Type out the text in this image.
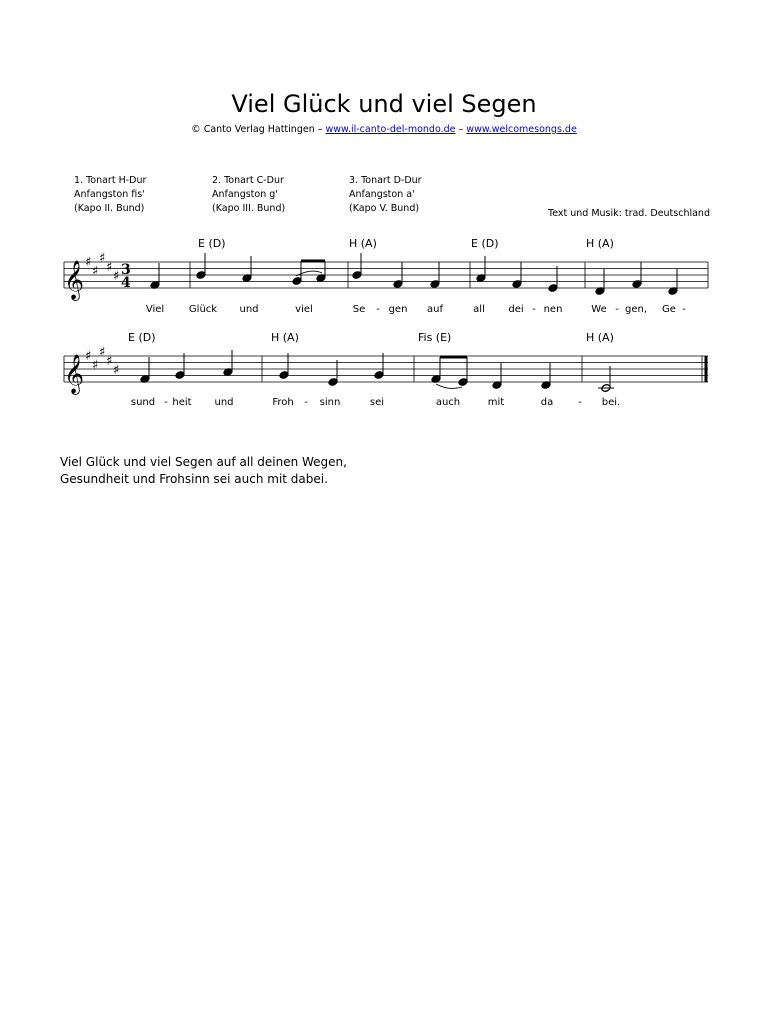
Viel Glück und viel Segen
© Canto Verlag Hattingen – www.il-canto-del-mondo.de – www.welcomesongs.de
1. Tonart H-Dur
Anfangston fis'
(Kapo II. Bund)
2. Tonart C-Dur
Anfangston g'
(Kapo III. Bund)
3. Tonart D-Dur
Anfangston a'
(Kapo V. Bund)	Text und Musik: trad. Deutschland
𝄞 ♯
♯
♯
♯
♯ 3
4
E (D)	H (A)	E (D)	H (A)
Viel Glück und	viel	Se - gen auf	all dei - nen	We - gen, Ge -
𝄞 ♯
♯
♯
♯
♯
E (D)	H (A)	Fis (E)	H (A)
sund - heit und	Froh - sinn	sei	auch	mit	da - bei.
Viel Glück und viel Segen auf all deinen Wegen,
Gesundheit und Frohsinn sei auch mit dabei.
